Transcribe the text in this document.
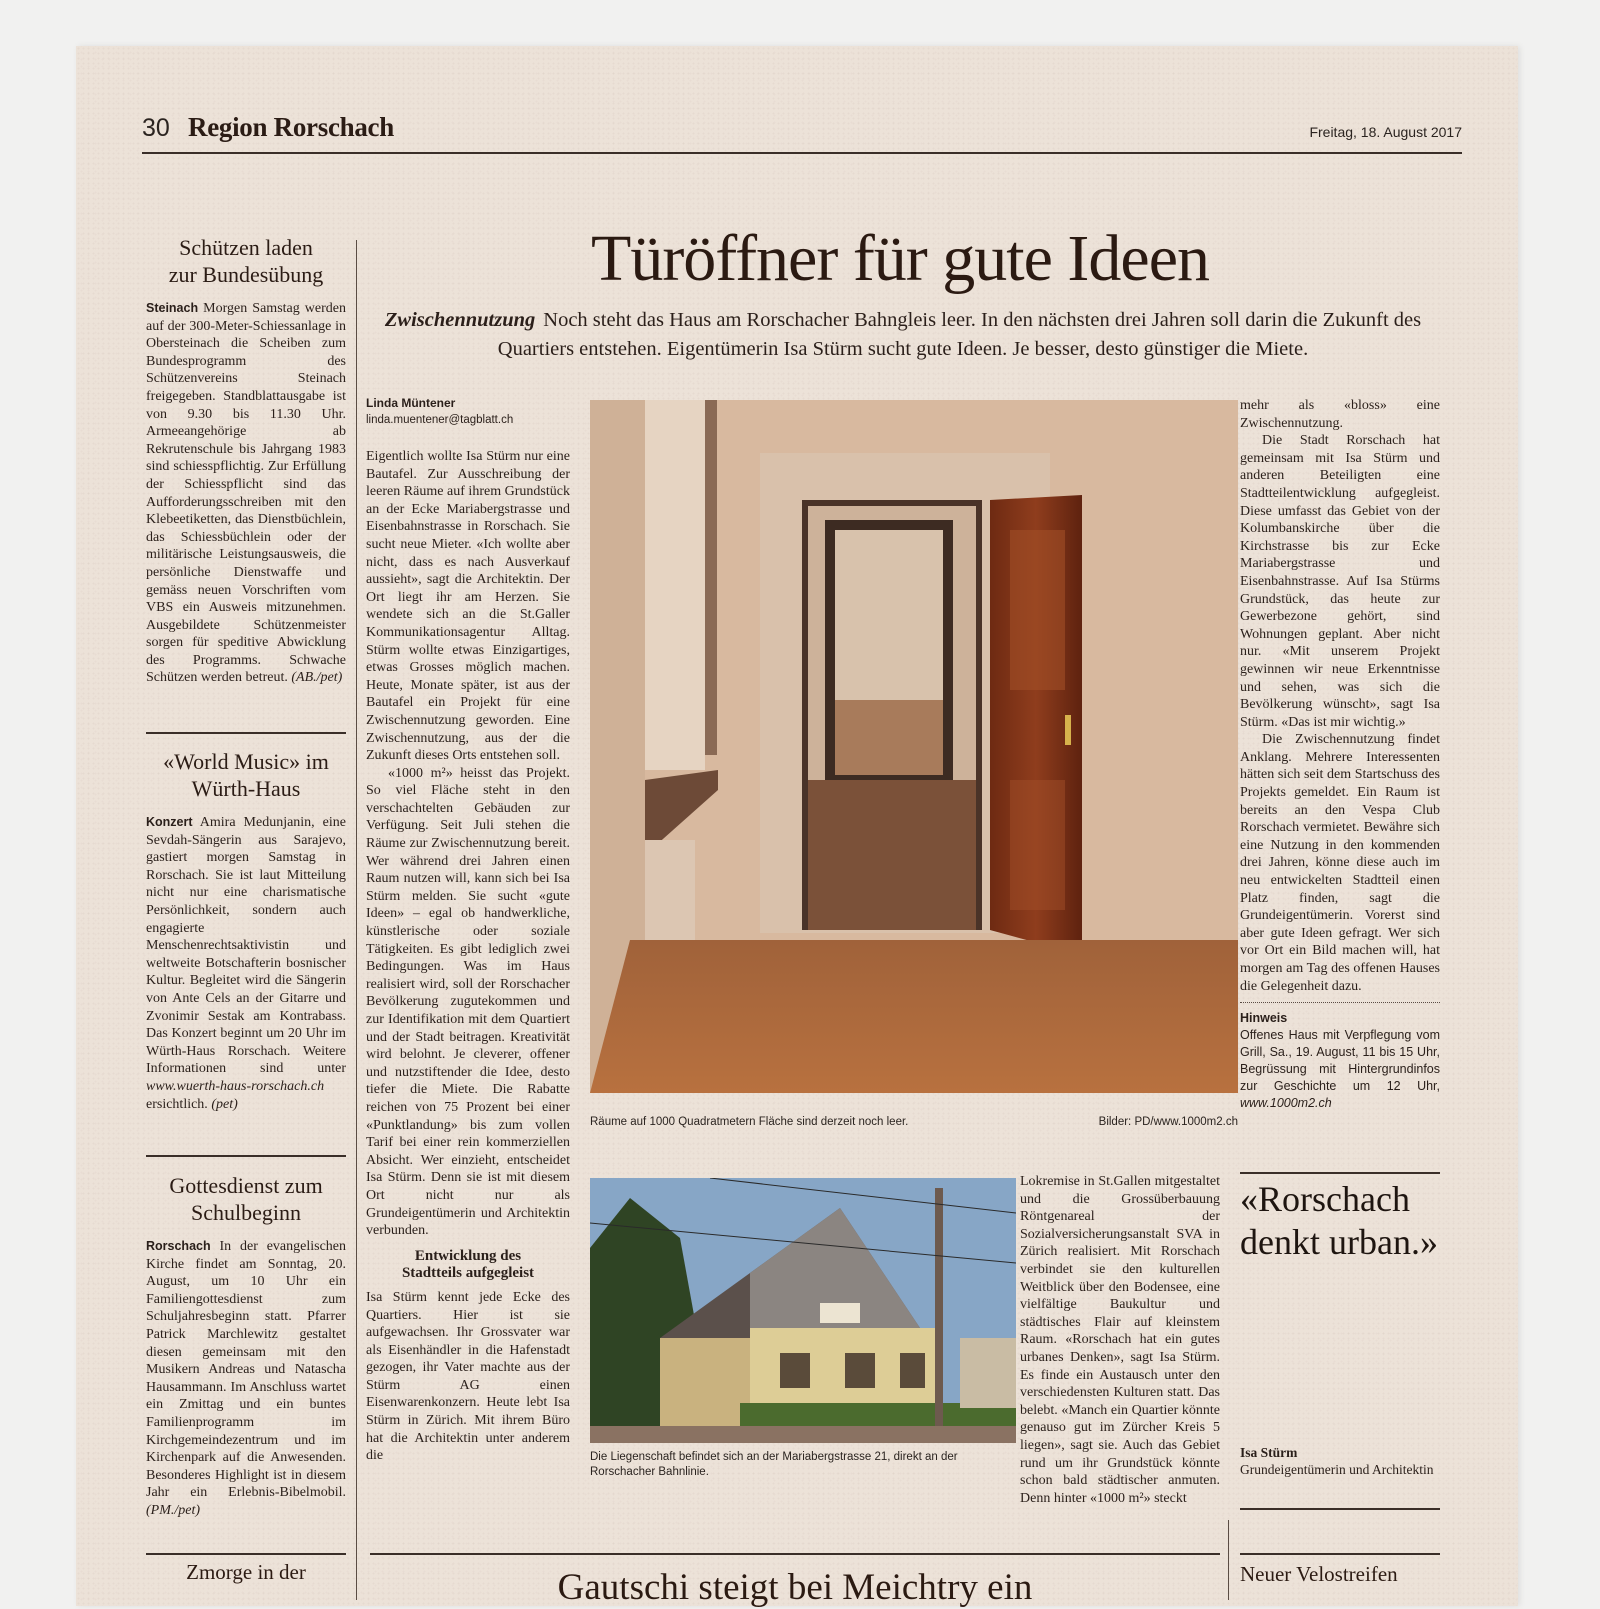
30 Region Rorschach	Freitag, 18. August 2017
Schützen laden
zur Bundesübung
Steinach Morgen Samstag werden auf der 300-Meter-Schiessanlage in Obersteinach die Scheiben zum Bundesprogramm des Schützenvereins Steinach freigegeben. Standblattausgabe ist von 9.30 bis 11.30 Uhr. Armeeangehörige ab Rekrutenschule bis Jahrgang 1983 sind schiesspflichtig. Zur Erfüllung der Schiesspflicht sind das Aufforderungsschreiben mit den Klebeetiketten, das Dienstbüchlein, das Schiessbüchlein oder der militärische Leistungsausweis, die persönliche Dienstwaffe und gemäss neuen Vorschriften vom VBS ein Ausweis mitzunehmen. Ausgebildete Schützenmeister sorgen für speditive Abwicklung des Programms. Schwache Schützen werden betreut. (AB./pet)
«World Music» im
Würth-Haus
Konzert Amira Medunjanin, eine Sevdah-Sängerin aus Sarajevo, gastiert morgen Samstag in Rorschach. Sie ist laut Mitteilung nicht nur eine charismatische Persönlichkeit, sondern auch engagierte Menschenrechtsaktivistin und weltweite Botschafterin bosnischer Kultur. Begleitet wird die Sängerin von Ante Cels an der Gitarre und Zvonimir Sestak am Kontrabass. Das Konzert beginnt um 20 Uhr im Würth-Haus Rorschach. Weitere Informationen sind unter www.wuerth-haus-rorschach.ch ersichtlich. (pet)
Gottesdienst zum
Schulbeginn
Rorschach In der evangelischen Kirche findet am Sonntag, 20. August, um 10 Uhr ein Familiengottesdienst zum Schuljahresbeginn statt. Pfarrer Patrick Marchlewitz gestaltet diesen gemeinsam mit den Musikern Andreas und Natascha Hausammann. Im Anschluss wartet ein Zmittag und ein buntes Familienprogramm im Kirchgemeindezentrum und im Kirchenpark auf die Anwesenden. Besonderes Highlight ist in diesem Jahr ein Erlebnis-Bibelmobil. (PM./pet)
Zmorge in der
Türöffner für gute Ideen
Zwischennutzung Noch steht das Haus am Rorschacher Bahngleis leer. In den nächsten drei Jahren soll darin die Zukunft des Quartiers entstehen. Eigentümerin Isa Stürm sucht gute Ideen. Je besser, desto günstiger die Miete.
Linda Müntener
linda.muentener@tagblatt.ch

Eigentlich wollte Isa Stürm nur eine Bautafel. Zur Ausschreibung der leeren Räume auf ihrem Grundstück an der Ecke Mariabergstrasse und Eisenbahnstrasse in Rorschach. Sie sucht neue Mieter. «Ich wollte aber nicht, dass es nach Ausverkauf aussieht», sagt die Architektin. Der Ort liegt ihr am Herzen. Sie wendete sich an die St.Galler Kommunikationsagentur Alltag. Stürm wollte etwas Einzigartiges, etwas Grosses möglich machen. Heute, Monate später, ist aus der Bautafel ein Projekt für eine Zwischennutzung geworden. Eine Zwischennutzung, aus der die Zukunft dieses Orts entstehen soll.

«1000 m²» heisst das Projekt. So viel Fläche steht in den verschachtelten Gebäuden zur Verfügung. Seit Juli stehen die Räume zur Zwischennutzung bereit. Wer während drei Jahren einen Raum nutzen will, kann sich bei Isa Stürm melden. Sie sucht «gute Ideen» – egal ob handwerkliche, künstlerische oder soziale Tätigkeiten. Es gibt lediglich zwei Bedingungen. Was im Haus realisiert wird, soll der Rorschacher Bevölkerung zugutekommen und zur Identifikation mit dem Quartiert und der Stadt beitragen. Kreativität wird belohnt. Je cleverer, offener und nutzstiftender die Idee, desto tiefer die Miete. Die Rabatte reichen von 75 Prozent bei einer «Punktlandung» bis zum vollen Tarif bei einer rein kommerziellen Absicht. Wer einzieht, entscheidet Isa Stürm. Denn sie ist mit diesem Ort nicht nur als Grundeigentümerin und Architektin verbunden.

Entwicklung des
Stadtteils aufgegleist

Isa Stürm kennt jede Ecke des Quartiers. Hier ist sie aufgewachsen. Ihr Grossvater war als Eisenhändler in die Hafenstadt gezogen, ihr Vater machte aus der Stürm AG einen Eisenwarenkonzern. Heute lebt Isa Stürm in Zürich. Mit ihrem Büro hat die Architektin unter anderem die

Räume auf 1000 Quadratmetern Fläche sind derzeit noch leer.	Bilder: PD/www.1000m2.ch
Die Liegenschaft befindet sich an der Mariabergstrasse 21, direkt an der Rorschacher Bahnlinie.

Lokremise in St.Gallen mitgestaltet und die Grossüberbauung Röntgenareal der Sozialversicherungsanstalt SVA in Zürich realisiert. Mit Rorschach verbindet sie den kulturellen Weitblick über den Bodensee, eine vielfältige Baukultur und städtisches Flair auf kleinstem Raum. «Rorschach hat ein gutes urbanes Denken», sagt Isa Stürm. Es finde ein Austausch unter den verschiedensten Kulturen statt. Das belebt. «Manch ein Quartier könnte genauso gut im Zürcher Kreis 5 liegen», sagt sie. Auch das Gebiet rund um ihr Grundstück könnte schon bald städtischer anmuten. Denn hinter «1000 m²» steckt

mehr als «bloss» eine Zwischennutzung.

Die Stadt Rorschach hat gemeinsam mit Isa Stürm und anderen Beteiligten eine Stadtteilentwicklung aufgegleist. Diese umfasst das Gebiet von der Kolumbanskirche über die Kirchstrasse bis zur Ecke Mariabergstrasse und Eisenbahnstrasse. Auf Isa Stürms Grundstück, das heute zur Gewerbezone gehört, sind Wohnungen geplant. Aber nicht nur. «Mit unserem Projekt gewinnen wir neue Erkenntnisse und sehen, was sich die Bevölkerung wünscht», sagt Isa Stürm. «Das ist mir wichtig.»

Die Zwischennutzung findet Anklang. Mehrere Interessenten hätten sich seit dem Startschuss des Projekts gemeldet. Ein Raum ist bereits an den Vespa Club Rorschach vermietet. Bewähre sich eine Nutzung in den kommenden drei Jahren, könne diese auch im neu entwickelten Stadtteil einen Platz finden, sagt die Grundeigentümerin. Vorerst sind aber gute Ideen gefragt. Wer sich vor Ort ein Bild machen will, hat morgen am Tag des offenen Hauses die Gelegenheit dazu.

Hinweis
Offenes Haus mit Verpflegung vom Grill, Sa., 19. August, 11 bis 15 Uhr, Begrüssung mit Hintergrundinfos zur Geschichte um 12 Uhr, www.1000m2.ch
«Rorschach denkt urban.»
Isa Stürm
Grundeigentümerin und Architektin
Gautschi steigt bei Meichtry ein	Neuer Velostreifen
